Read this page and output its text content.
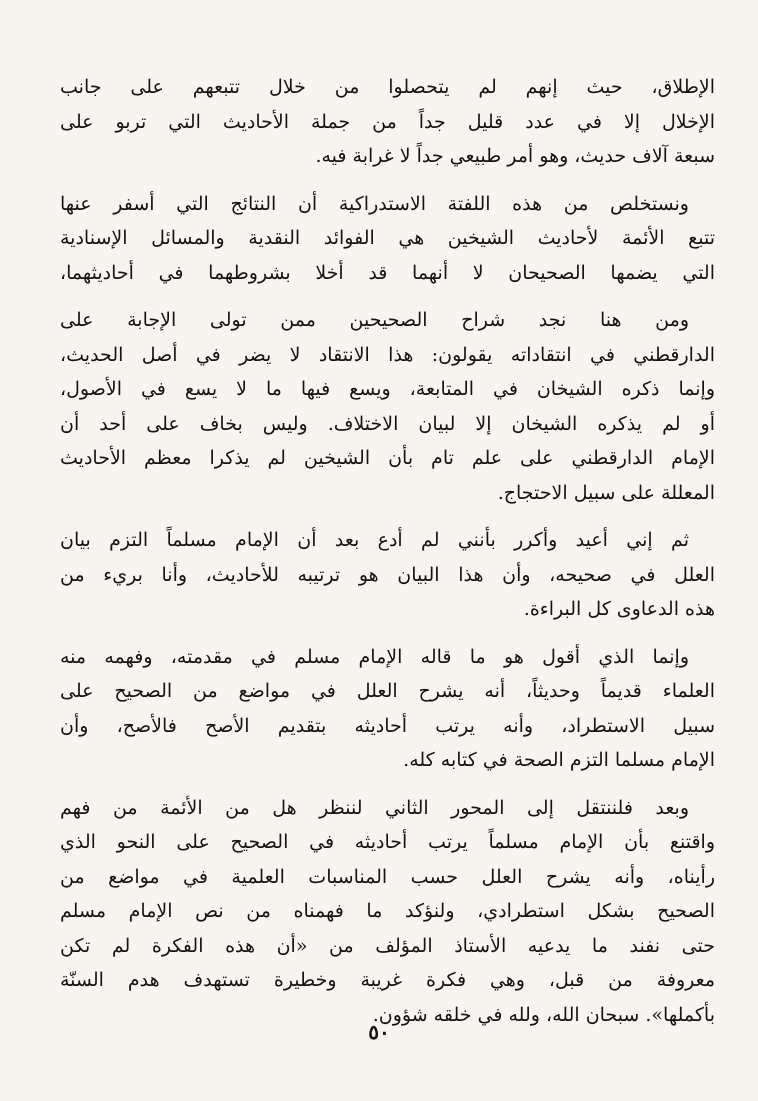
الإطلاق، حيث إنهم لم يتحصلوا من خلال تتبعهم على جانب
الإخلال إلا في عدد قليل جداً من جملة الأحاديث التي تربو على
سبعة آلاف حديث، وهو أمر طبيعي جداً لا غرابة فيه.
ونستخلص من هذه اللفتة الاستدراكية أن النتائج التي أسفر عنها
تتبع الأئمة لأحاديث الشيخين هي الفوائد النقدية والمسائل الإسنادية
التي يضمها الصحيحان لا أنهما قد أخلا بشروطهما في أحاديثهما،
ومن هنا نجد شراح الصحيحين ممن تولى الإجابة على
الدارقطني في انتقاداته يقولون: هذا الانتقاد لا يضر في أصل الحديث،
وإنما ذكره الشيخان في المتابعة، ويسع فيها ما لا يسع في الأصول،
أو لم يذكره الشيخان إلا لبيان الاختلاف. وليس بخاف على أحد أن
الإمام الدارقطني على علم تام بأن الشيخين لم يذكرا معظم الأحاديث
المعللة على سبيل الاحتجاج.
ثم إني أعيد وأكرر بأنني لم أدع بعد أن الإمام مسلماً التزم بيان
العلل في صحيحه، وأن هذا البيان هو ترتيبه للأحاديث، وأنا بريء من
هذه الدعاوى كل البراءة.
وإنما الذي أقول هو ما قاله الإمام مسلم في مقدمته، وفهمه منه
العلماء قديماً وحديثاً، أنه يشرح العلل في مواضع من الصحيح على
سبيل الاستطراد، وأنه يرتب أحاديثه بتقديم الأصح فالأصح، وأن
الإمام مسلما التزم الصحة في كتابه كله.
وبعد فلننتقل إلى المحور الثاني لننظر هل من الأئمة من فهم
واقتنع بأن الإمام مسلماً يرتب أحاديثه في الصحيح على النحو الذي
رأيناه، وأنه يشرح العلل حسب المناسبات العلمية في مواضع من
الصحيح بشكل استطرادي، ولنؤكد ما فهمناه من نص الإمام مسلم
حتى نفند ما يدعيه الأستاذ المؤلف من «أن هذه الفكرة لم تكن
معروفة من قبل، وهي فكرة غريبة وخطيرة تستهدف هدم السنّة
بأكملها». سبحان الله، ولله في خلقه شؤون.
٥٠
